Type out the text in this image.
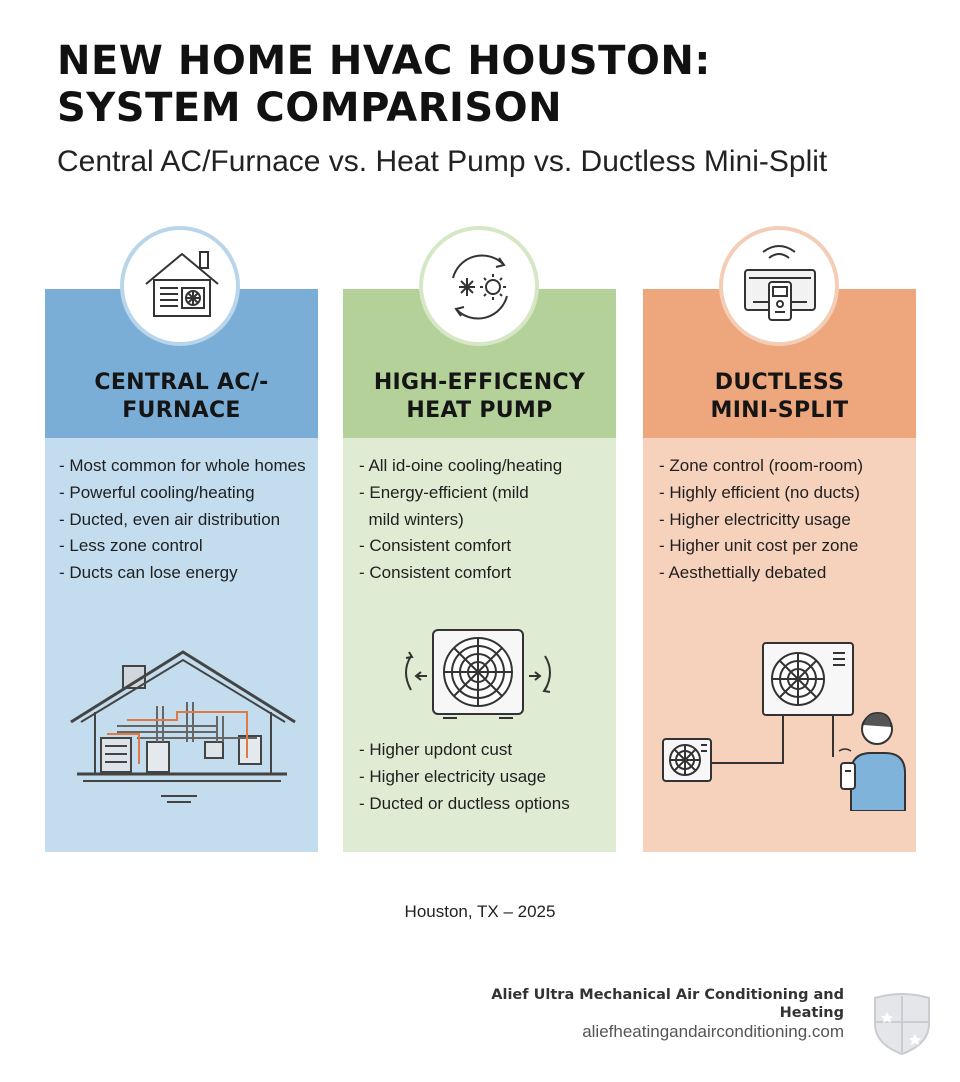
NEW HOME HVAC HOUSTON:
SYSTEM COMPARISON
Central AC/Furnace vs. Heat Pump vs. Ductless Mini-Split
CENTRAL AC/-
FURNACE
- Most common for whole homes
- Powerful cooling/heating
- Ducted, even air distribution
- Less zone control
- Ducts can lose energy
HIGH-EFFICENCY
HEAT PUMP
- All id-oine cooling/heating
- Energy-efficient (mild
mild winters)
- Consistent comfort
- Consistent comfort
- Higher updont cust
- Higher electricity usage
- Ducted or ductless options
DUCTLESS
MINI-SPLIT
- Zone control (room-room)
- Highly efficient (no ducts)
- Higher electricitty usage
- Higher unit cost per zone
- Aesthettially debated
Houston, TX – 2025
Alief Ultra Mechanical Air Conditioning and
Heating
aliefheatingandairconditioning.com
